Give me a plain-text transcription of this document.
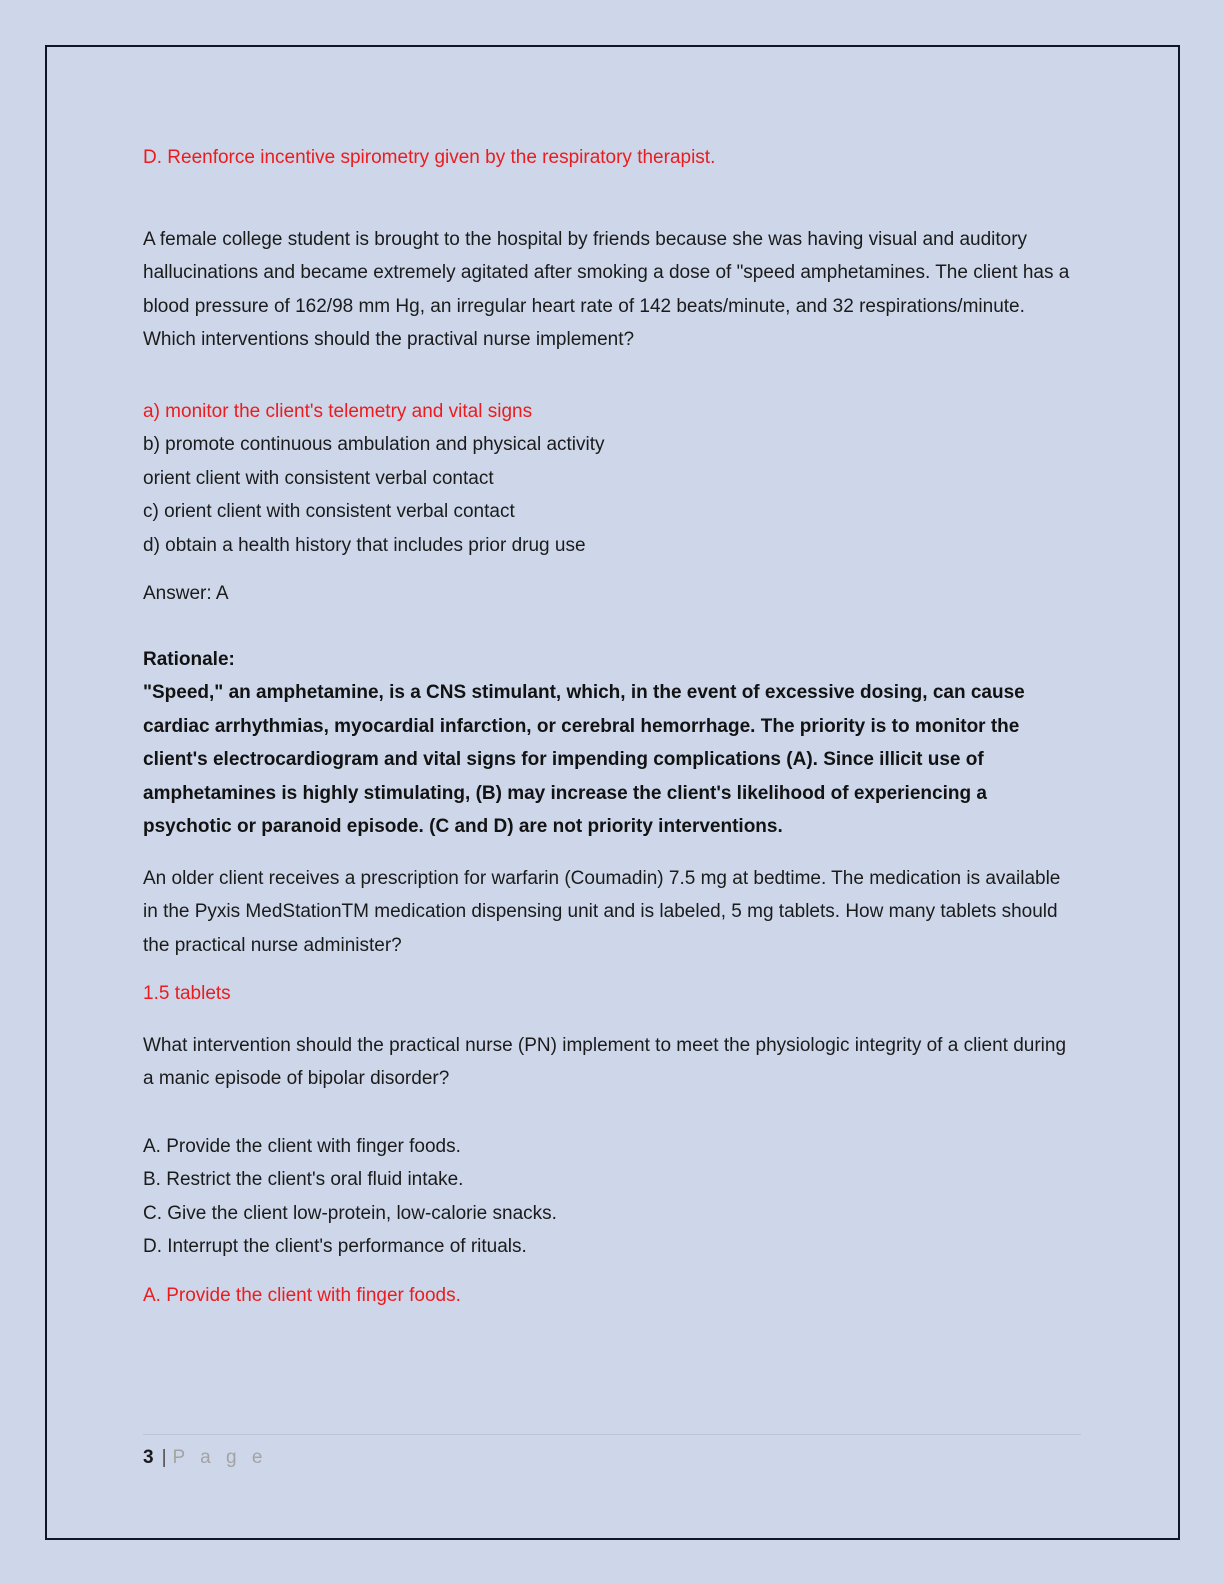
D. Reenforce incentive spirometry given by the respiratory therapist.

A female college student is brought to the hospital by friends because she was having visual and auditory hallucinations and became extremely agitated after smoking a dose of "speed amphetamines. The client has a blood pressure of 162/98 mm Hg, an irregular heart rate of 142 beats/minute, and 32 respirations/minute. Which interventions should the practival nurse implement?

a) monitor the client's telemetry and vital signs

b) promote continuous ambulation and physical activity

orient client with consistent verbal contact

c) orient client with consistent verbal contact

d) obtain a health history that includes prior drug use

Answer: A

Rationale:

"Speed," an amphetamine, is a CNS stimulant, which, in the event of excessive dosing, can cause cardiac arrhythmias, myocardial infarction, or cerebral hemorrhage. The priority is to monitor the client's electrocardiogram and vital signs for impending complications (A). Since illicit use of amphetamines is highly stimulating, (B) may increase the client's likelihood of experiencing a psychotic or paranoid episode. (C and D) are not priority interventions.

An older client receives a prescription for warfarin (Coumadin) 7.5 mg at bedtime. The medication is available in the Pyxis MedStationTM medication dispensing unit and is labeled, 5 mg tablets. How many tablets should the practical nurse administer?

1.5 tablets

What intervention should the practical nurse (PN) implement to meet the physiologic integrity of a client during a manic episode of bipolar disorder?

A. Provide the client with finger foods.

B. Restrict the client's oral fluid intake.

C. Give the client low-protein, low-calorie snacks.

D. Interrupt the client's performance of rituals.

A. Provide the client with finger foods.

3 | P a g e
